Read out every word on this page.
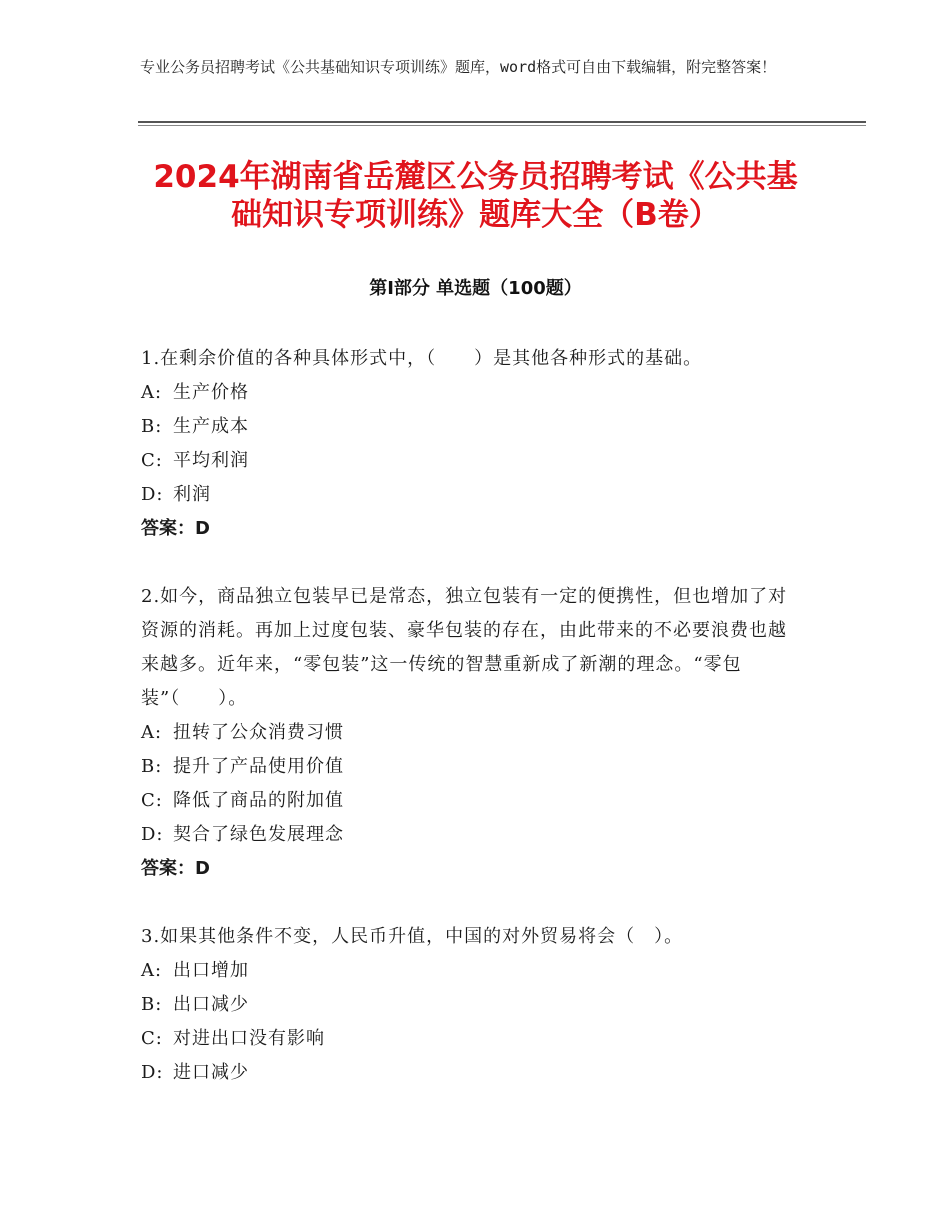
专业公务员招聘考试《公共基础知识专项训练》题库，word格式可自由下载编辑，附完整答案！
2024年湖南省岳麓区公务员招聘考试《公共基础知识专项训练》题库大全（B卷）
第I部分 单选题（100题）
1.在剩余价值的各种具体形式中，（　　）是其他各种形式的基础。
A: 生产价格
B: 生产成本
C: 平均利润
D: 利润
答案：D
2.如今，商品独立包装早已是常态，独立包装有一定的便携性，但也增加了对资源的消耗。再加上过度包装、豪华包装的存在，由此带来的不必要浪费也越来越多。近年来，“零包装”这一传统的智慧重新成了新潮的理念。“零包装”（　　）。
A: 扭转了公众消费习惯
B: 提升了产品使用价值
C: 降低了商品的附加值
D: 契合了绿色发展理念
答案：D
3.如果其他条件不变，人民币升值，中国的对外贸易将会（　）。
A: 出口增加
B: 出口减少
C: 对进出口没有影响
D: 进口减少
